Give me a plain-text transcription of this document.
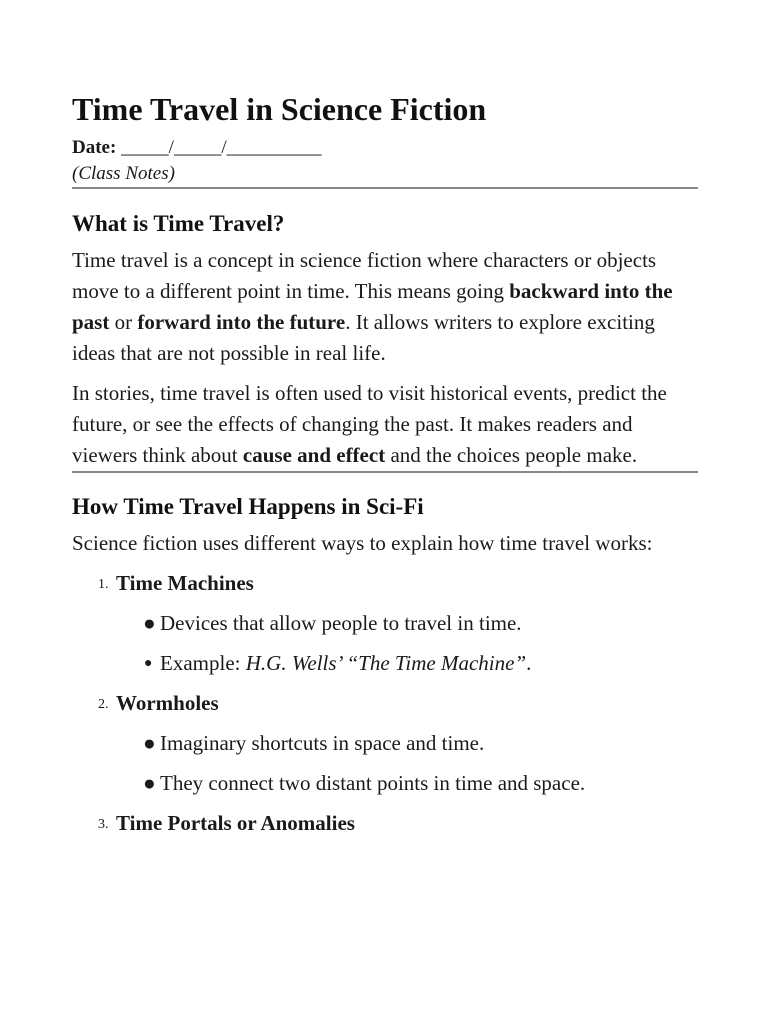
Time Travel in Science Fiction
Date: _____/_____/__________
(Class Notes)
What is Time Travel?

Time travel is a concept in science fiction where characters or objects move to a different point in time. This means going backward into the past or forward into the future. It allows writers to explore exciting ideas that are not possible in real life.

In stories, time travel is often used to visit historical events, predict the future, or see the effects of changing the past. It makes readers and viewers think about cause and effect and the choices people make.

How Time Travel Happens in Sci-Fi

Science fiction uses different ways to explain how time travel works:

1. Time Machines
● Devices that allow people to travel in time.
● Example: H.G. Wells’ “The Time Machine”.
2. Wormholes
● Imaginary shortcuts in space and time.
● They connect two distant points in time and space.
3. Time Portals or Anomalies
